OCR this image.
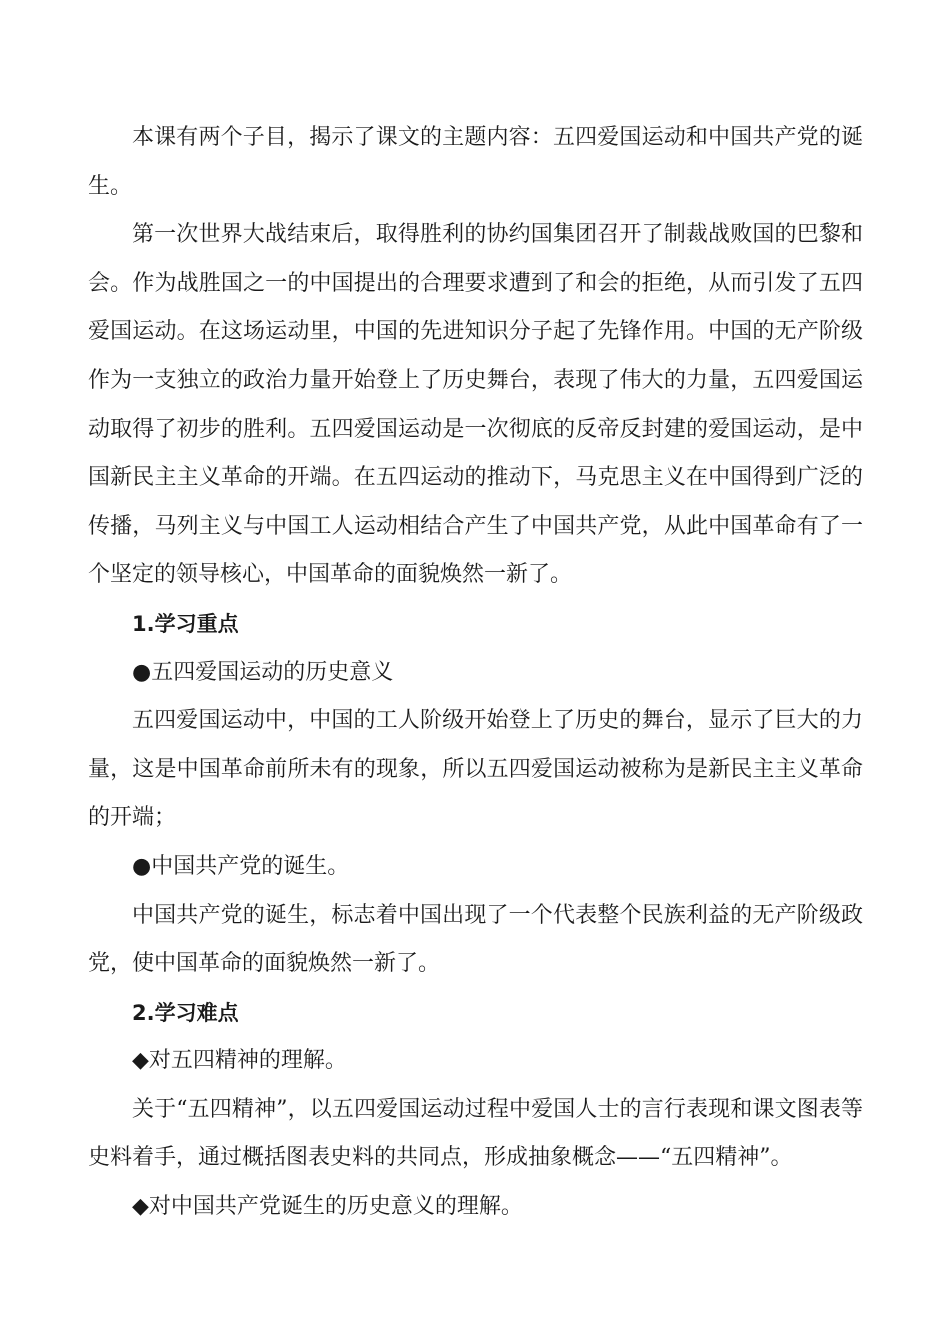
本课有两个子目，揭示了课文的主题内容：五四爱国运动和中国共产党的诞生。

第一次世界大战结束后，取得胜利的协约国集团召开了制裁战败国的巴黎和会。作为战胜国之一的中国提出的合理要求遭到了和会的拒绝，从而引发了五四爱国运动。在这场运动里，中国的先进知识分子起了先锋作用。中国的无产阶级作为一支独立的政治力量开始登上了历史舞台，表现了伟大的力量，五四爱国运动取得了初步的胜利。五四爱国运动是一次彻底的反帝反封建的爱国运动，是中国新民主主义革命的开端。在五四运动的推动下，马克思主义在中国得到广泛的传播，马列主义与中国工人运动相结合产生了中国共产党，从此中国革命有了一个坚定的领导核心，中国革命的面貌焕然一新了。

1.学习重点

●五四爱国运动的历史意义

五四爱国运动中，中国的工人阶级开始登上了历史的舞台，显示了巨大的力量，这是中国革命前所未有的现象，所以五四爱国运动被称为是新民主主义革命的开端；

●中国共产党的诞生。

中国共产党的诞生，标志着中国出现了一个代表整个民族利益的无产阶级政党，使中国革命的面貌焕然一新了。

2.学习难点

◆对五四精神的理解。

关于“五四精神”，以五四爱国运动过程中爱国人士的言行表现和课文图表等史料着手，通过概括图表史料的共同点，形成抽象概念——“五四精神”。

◆对中国共产党诞生的历史意义的理解。
